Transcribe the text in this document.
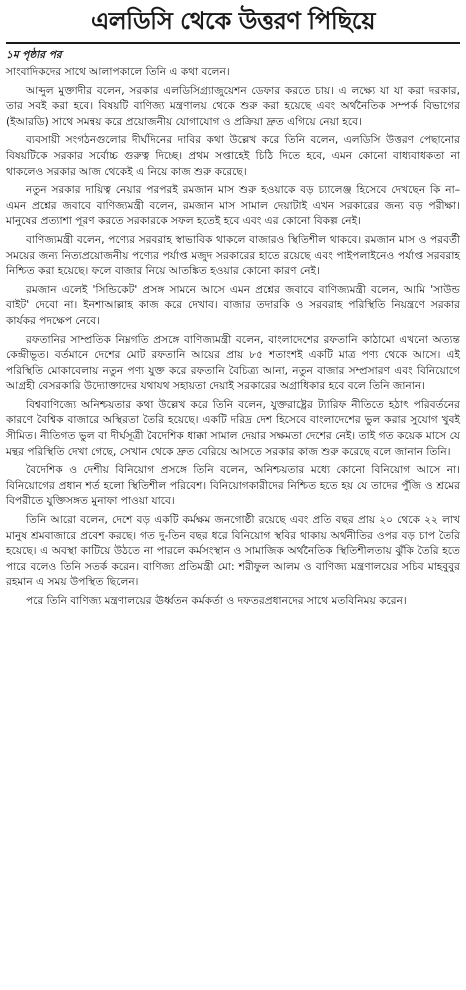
এলডিসি থেকে উত্তরণ পিছিয়ে
১ম পৃষ্ঠার পর

সাংবাদিকদের সাথে আলাপকালে তিনি এ কথা বলেন।

আব্দুল মুক্তাদীর বলেন, সরকার এলডিসিগ্র্যাজুয়েশন ডেফার করতে চায়। এ লক্ষ্যে যা যা করা দরকার, তার সবই করা হবে। বিষয়টি বাণিজ্য মন্ত্রণালয় থেকে শুরু করা হয়েছে এবং অর্থনৈতিক সম্পর্ক বিভাগের (ইআরডি) সাথে সমন্বয় করে প্রয়োজনীয় যোগাযোগ ও প্রক্রিয়া দ্রুত এগিয়ে নেয়া হবে।

ব্যবসায়ী সংগঠনগুলোর দীর্ঘদিনের দাবির কথা উল্লেখ করে তিনি বলেন, এলডিসি উত্তরণ পেছানোর বিষয়টিকে সরকার সর্বোচ্চ গুরুত্ব দিচ্ছে। প্রথম সপ্তাহেই চিঠি দিতে হবে, এমন কোনো বাধ্যবাধকতা না থাকলেও সরকার আজ থেকেই এ নিয়ে কাজ শুরু করেছে।

নতুন সরকার দায়িত্ব নেয়ার পরপরই রমজান মাস শুরু হওয়াকে বড় চ্যালেঞ্জ হিসেবে দেখছেন কি না– এমন প্রশ্নের জবাবে বাণিজ্যমন্ত্রী বলেন, রমজান মাস সামাল দেয়াটাই এখন সরকারের জন্য বড় পরীক্ষা। মানুষের প্রত্যাশা পূরণ করতে সরকারকে সফল হতেই হবে এবং এর কোনো বিকল্প নেই।

বাণিজ্যমন্ত্রী বলেন, পণ্যের সরবরাহ স্বাভাবিক থাকলে বাজারও স্থিতিশীল থাকবে। রমজান মাস ও পরবর্তী সময়ের জন্য নিত্যপ্রয়োজনীয় পণ্যের পর্যাপ্ত মজুদ সরকারের হাতে রয়েছে এবং পাইপলাইনেও পর্যাপ্ত সরবরাহ নিশ্চিত করা হয়েছে। ফলে বাজার নিয়ে আতঙ্কিত হওয়ার কোনো কারণ নেই।

রমজান এলেই 'সিন্ডিকেট' প্রসঙ্গ সামনে আসে এমন প্রশ্নের জবাবে বাণিজ্যমন্ত্রী বলেন, আমি 'সাউন্ড বাইট' দেবো না। ইনশাআল্লাহ কাজ করে দেখাব। বাজার তদারকি ও সরবরাহ পরিস্থিতি নিয়ন্ত্রণে সরকার কার্যকর পদক্ষেপ নেবে।

রফতানির সাম্প্রতিক নিম্নগতি প্রসঙ্গে বাণিজ্যমন্ত্রী বলেন, বাংলাদেশের রফতানি কাঠামো এখনো অত্যন্ত কেন্দ্রীভূত। বর্তমানে দেশের মোট রফতানি আয়ের প্রায় ৮৫ শতাংশই একটি মাত্র পণ্য থেকে আসে। এই পরিস্থিতি মোকাবেলায় নতুন পণ্য যুক্ত করে রফতানি বৈচিত্র্য আনা, নতুন বাজার সম্প্রসারণ এবং বিনিয়োগে আগ্রহী বেসরকারি উদ্যোক্তাদের যথাযথ সহায়তা দেয়াই সরকারের অগ্রাধিকার হবে বলে তিনি জানান।

বিশ্ববাণিজ্যে অনিশ্চয়তার কথা উল্লেখ করে তিনি বলেন, যুক্তরাষ্ট্রের ট্যারিফ নীতিতে হঠাৎ পরিবর্তনের কারণে বৈশ্বিক বাজারে অস্থিরতা তৈরি হয়েছে। একটি দরিদ্র দেশ হিসেবে বাংলাদেশের ভুল করার সুযোগ খুবই সীমিত। নীতিগত ভুল বা দীর্ঘসূত্রী বৈদেশিক ধাক্কা সামাল দেয়ার সক্ষমতা দেশের নেই। তাই গত কয়েক মাসে যে মন্থর পরিস্থিতি দেখা গেছে, সেখান থেকে দ্রুত বেরিয়ে আসতে সরকার কাজ শুরু করেছে বলে জানান তিনি।

বৈদেশিক ও দেশীয় বিনিয়োগ প্রসঙ্গে তিনি বলেন, অনিশ্চয়তার মধ্যে কোনো বিনিয়োগ আসে না। বিনিয়োগের প্রধান শর্ত হলো স্থিতিশীল পরিবেশ। বিনিয়োগকারীদের নিশ্চিত হতে হয় যে তাদের পুঁজি ও শ্রমের বিপরীতে যুক্তিসঙ্গত মুনাফা পাওয়া যাবে।

তিনি আরো বলেন, দেশে বড় একটি কর্মক্ষম জনগোষ্ঠী রয়েছে এবং প্রতি বছর প্রায় ২০ থেকে ২২ লাখ মানুষ শ্রমবাজারে প্রবেশ করছে। গত দু-তিন বছর ধরে বিনিয়োগ স্থবির থাকায় অর্থনীতির ওপর বড় চাপ তৈরি হয়েছে। এ অবস্থা কাটিয়ে উঠতে না পারলে কর্মসংস্থান ও সামাজিক অর্থনৈতিক স্থিতিশীলতায় ঝুঁকি তৈরি হতে পারে বলেও তিনি সতর্ক করেন। বাণিজ্য প্রতিমন্ত্রী মো: শরীফুল আলম ও বাণিজ্য মন্ত্রণালয়ের সচিব মাহবুবুর রহমান এ সময় উপস্থিত ছিলেন।

পরে তিনি বাণিজ্য মন্ত্রণালয়ের ঊর্ধ্বতন কর্মকর্তা ও দফতরপ্রধানদের সাথে মতবিনিময় করেন।
